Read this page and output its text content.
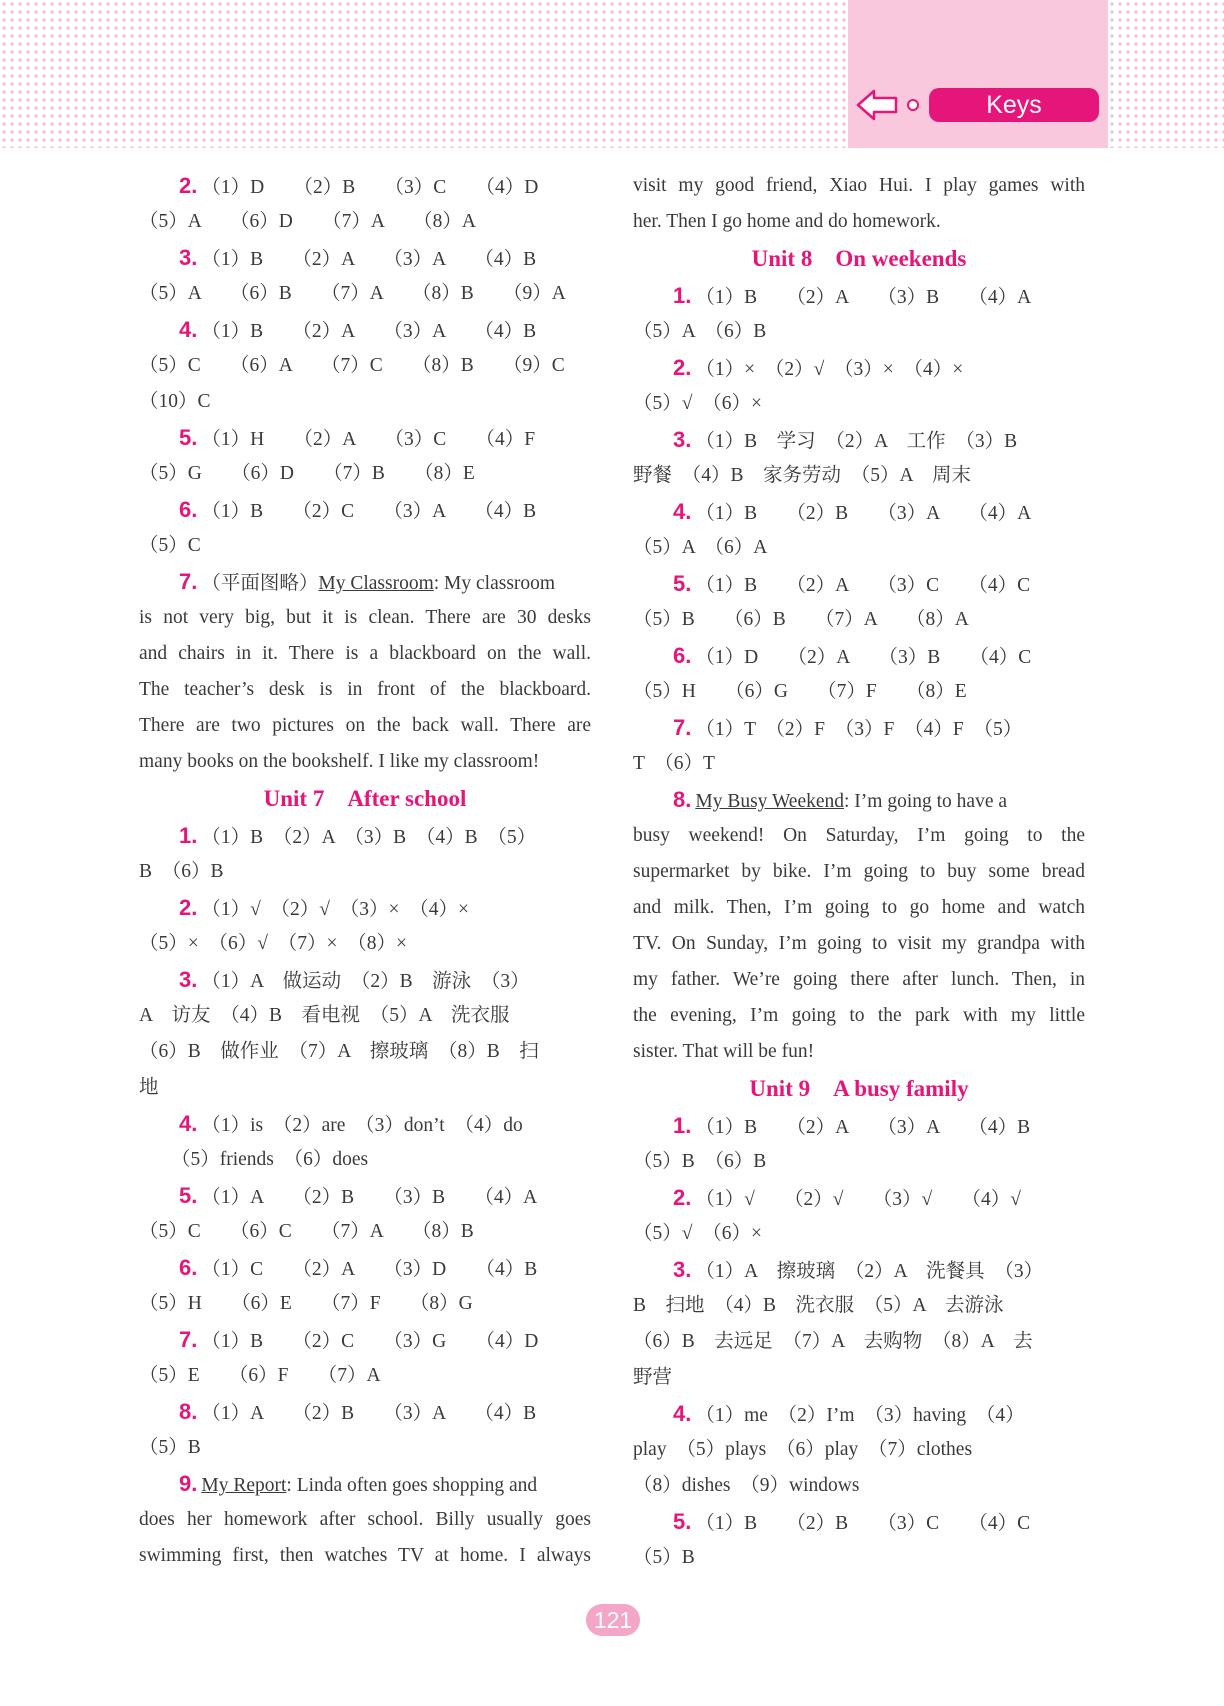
Keys
2. （1）D　　（2）B　　（3）C　　（4）D
（5）A　　（6）D　　（7）A　　（8）A
3. （1）B　　（2）A　　（3）A　　（4）B
（5）A　　（6）B　　（7）A　　（8）B　　（9）A
4. （1）B　　（2）A　　（3）A　　（4）B
（5）C　　（6）A　　（7）C　　（8）B　　（9）C
（10）C
5. （1）H　　（2）A　　（3）C　　（4）F
（5）G　　（6）D　　（7）B　　（8）E
6. （1）B　　（2）C　　（3）A　　（4）B
（5）C
7. （平面图略）My Classroom: My classroom
is not very big, but it is clean. There are 30 desks
and chairs in it. There is a blackboard on the wall.
The teacher’s desk is in front of the blackboard.
There are two pictures on the back wall. There are
many books on the bookshelf. I like my classroom!
Unit 7　After school
1. （1）B　（2）A　（3）B　（4）B　（5）
B　（6）B
2. （1）√　（2）√　（3）×　（4）×
（5）×　（6）√　（7）×　（8）×
3. （1）A　做运动　（2）B　游泳　（3）
A　访友　（4）B　看电视　（5）A　洗衣服
（6）B　做作业　（7）A　擦玻璃　（8）B　扫
地
4. （1）is　（2）are　（3）don’t　（4）do
（5）friends　（6）does
5. （1）A　　（2）B　　（3）B　　（4）A
（5）C　　（6）C　　（7）A　　（8）B
6. （1）C　　（2）A　　（3）D　　（4）B
（5）H　　（6）E　　（7）F　　（8）G
7. （1）B　　（2）C　　（3）G　　（4）D
（5）E　　（6）F　　（7）A
8. （1）A　　（2）B　　（3）A　　（4）B
（5）B
9. My Report: Linda often goes shopping and
does her homework after school. Billy usually goes
swimming first, then watches TV at home. I always
visit my good friend, Xiao Hui. I play games with
her. Then I go home and do homework.
Unit 8　On weekends
1. （1）B　　（2）A　　（3）B　　（4）A
（5）A　（6）B
2. （1）×　（2）√　（3）×　（4）×
（5）√　（6）×
3. （1）B　学习　（2）A　工作　（3）B
野餐　（4）B　家务劳动　（5）A　周末
4. （1）B　　（2）B　　（3）A　　（4）A
（5）A　（6）A
5. （1）B　　（2）A　　（3）C　　（4）C
（5）B　　（6）B　　（7）A　　（8）A
6. （1）D　　（2）A　　（3）B　　（4）C
（5）H　　（6）G　　（7）F　　（8）E
7. （1）T　（2）F　（3）F　（4）F　（5）
T　（6）T
8. My Busy Weekend: I’m going to have a
busy weekend! On Saturday, I’m going to the
supermarket by bike. I’m going to buy some bread
and milk. Then, I’m going to go home and watch
TV. On Sunday, I’m going to visit my grandpa with
my father. We’re going there after lunch. Then, in
the evening, I’m going to the park with my little
sister. That will be fun!
Unit 9　A busy family
1. （1）B　　（2）A　　（3）A　　（4）B
（5）B　（6）B
2. （1）√　　（2）√　　（3）√　　（4）√
（5）√　（6）×
3. （1）A　擦玻璃　（2）A　洗餐具　（3）
B　扫地　（4）B　洗衣服　（5）A　去游泳
（6）B　去远足　（7）A　去购物　（8）A　去
野营
4. （1）me　（2）I’m　（3）having　（4）
play　（5）plays　（6）play　（7）clothes
（8）dishes　（9）windows
5. （1）B　　（2）B　　（3）C　　（4）C
（5）B
121
